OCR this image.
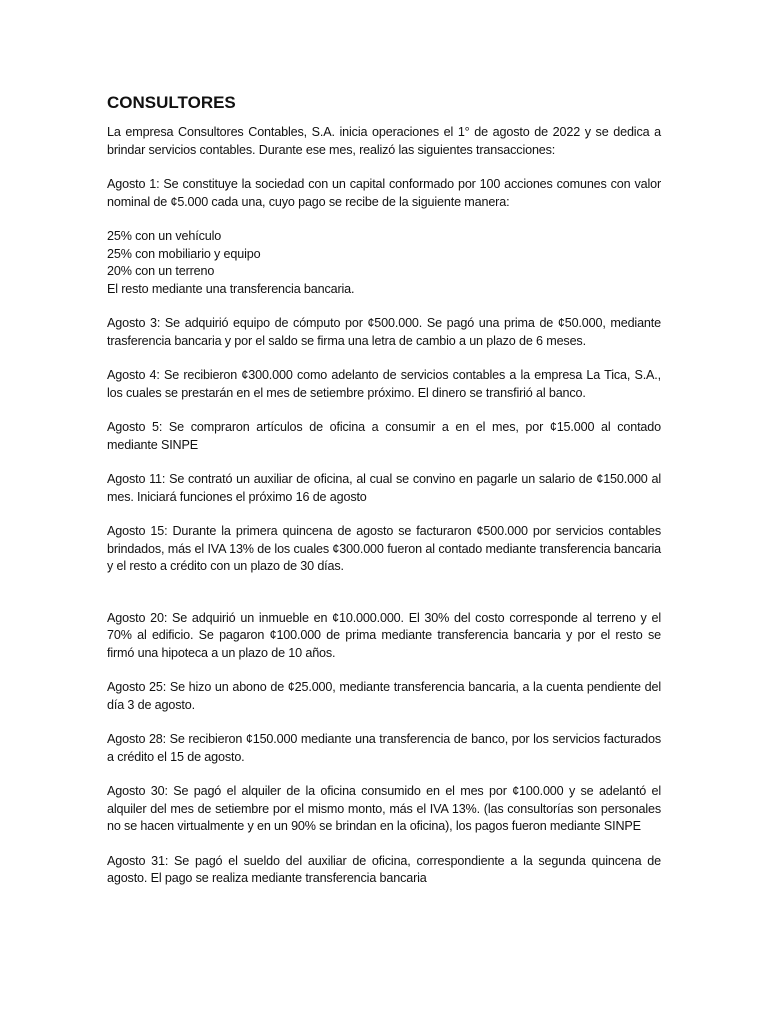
CONSULTORES
La empresa Consultores Contables, S.A. inicia operaciones el 1° de agosto de 2022 y se dedica a brindar servicios contables. Durante ese mes, realizó las siguientes transacciones:
Agosto 1: Se constituye la sociedad con un capital conformado por 100 acciones comunes con valor nominal de ¢5.000 cada una, cuyo pago se recibe de la siguiente manera:
25% con un vehículo
25% con mobiliario y equipo
20% con un terreno
El resto mediante una transferencia bancaria.
Agosto 3: Se adquirió equipo de cómputo por ¢500.000. Se pagó una prima de ¢50.000, mediante trasferencia bancaria y por el saldo se firma una letra de cambio a un plazo de 6 meses.
Agosto 4: Se recibieron ¢300.000 como adelanto de servicios contables a la empresa La Tica, S.A., los cuales se prestarán en el mes de setiembre próximo. El dinero se transfirió al banco.
Agosto 5: Se compraron artículos de oficina a consumir a en el mes, por ¢15.000 al contado mediante SINPE
Agosto 11: Se contrató un auxiliar de oficina, al cual se convino en pagarle un salario de ¢150.000 al mes. Iniciará funciones el próximo 16 de agosto
Agosto 15: Durante la primera quincena de agosto se facturaron ¢500.000 por servicios contables brindados, más el IVA 13% de los cuales ¢300.000 fueron al contado mediante transferencia bancaria y el resto a crédito con un plazo de 30 días.
Agosto 20: Se adquirió un inmueble en ¢10.000.000. El 30% del costo corresponde al terreno y el 70% al edificio. Se pagaron ¢100.000 de prima mediante transferencia bancaria y por el resto se firmó una hipoteca a un plazo de 10 años.
Agosto 25: Se hizo un abono de ¢25.000, mediante transferencia bancaria, a la cuenta pendiente del día 3 de agosto.
Agosto 28: Se recibieron ¢150.000 mediante una transferencia de banco, por los servicios facturados a crédito el 15 de agosto.
Agosto 30: Se pagó el alquiler de la oficina consumido en el mes por ¢100.000 y se adelantó el alquiler del mes de setiembre por el mismo monto, más el IVA 13%. (las consultorías son personales no se hacen virtualmente y en un 90% se brindan en la oficina), los pagos fueron mediante SINPE
Agosto 31: Se pagó el sueldo del auxiliar de oficina, correspondiente a la segunda quincena de agosto. El pago se realiza mediante transferencia bancaria
